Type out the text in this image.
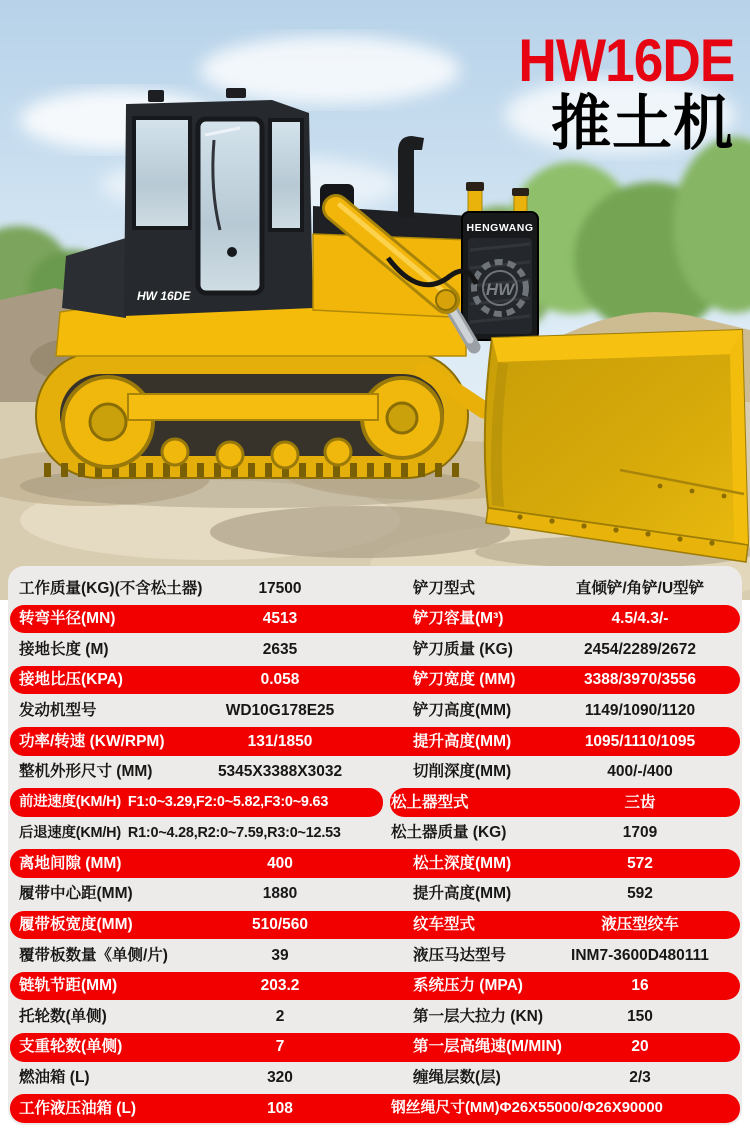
HW 16DE
HENGWANG
HW
HW16DE
推土机
工作质量(KG)(不含松土器)	17500	铲刀型式	直倾铲/角铲/U型铲
转弯半径(MN)	4513	铲刀容量(M³)	4.5/4.3/-
接地长度 (M)	2635	铲刀质量 (KG)	2454/2289/2672
接地比压(KPA)	0.058	铲刀宽度 (MM)	3388/3970/3556
发动机型号	WD10G178E25	铲刀高度(MM)	1149/1090/1120
功率/转速 (KW/RPM)	131/1850	提升高度(MM)	1095/1110/1095
整机外形尺寸 (MM)	5345X3388X3032	切削深度(MM)	400/-/400
前进速度(KM/H)  F1:0~3.29,F2:0~5.82,F3:0~9.63	松上器型式	三齿
后退速度(KM/H)  R1:0~4.28,R2:0~7.59,R3:0~12.53	松土器质量 (KG)	1709
离地间隙 (MM)	400	松土深度(MM)	572
履带中心距(MM)	1880	提升高度(MM)	592
履带板宽度(MM)	510/560	纹车型式	液压型绞车
覆带板数量《单侧/片)	39	液压马达型号	INM7-3600D480111
链轨节距(MM)	203.2	系统压力 (MPA)	16
托轮数(单侧)	2	第一层大拉力 (KN)	150
支重轮数(单侧)	7	第一层高绳速(M/MIN)	20
燃油箱 (L)	320	缠绳层数(层)	2/3
工作液压油箱 (L)	108	钢丝绳尺寸(MM)Φ26X55000/Φ26X90000
